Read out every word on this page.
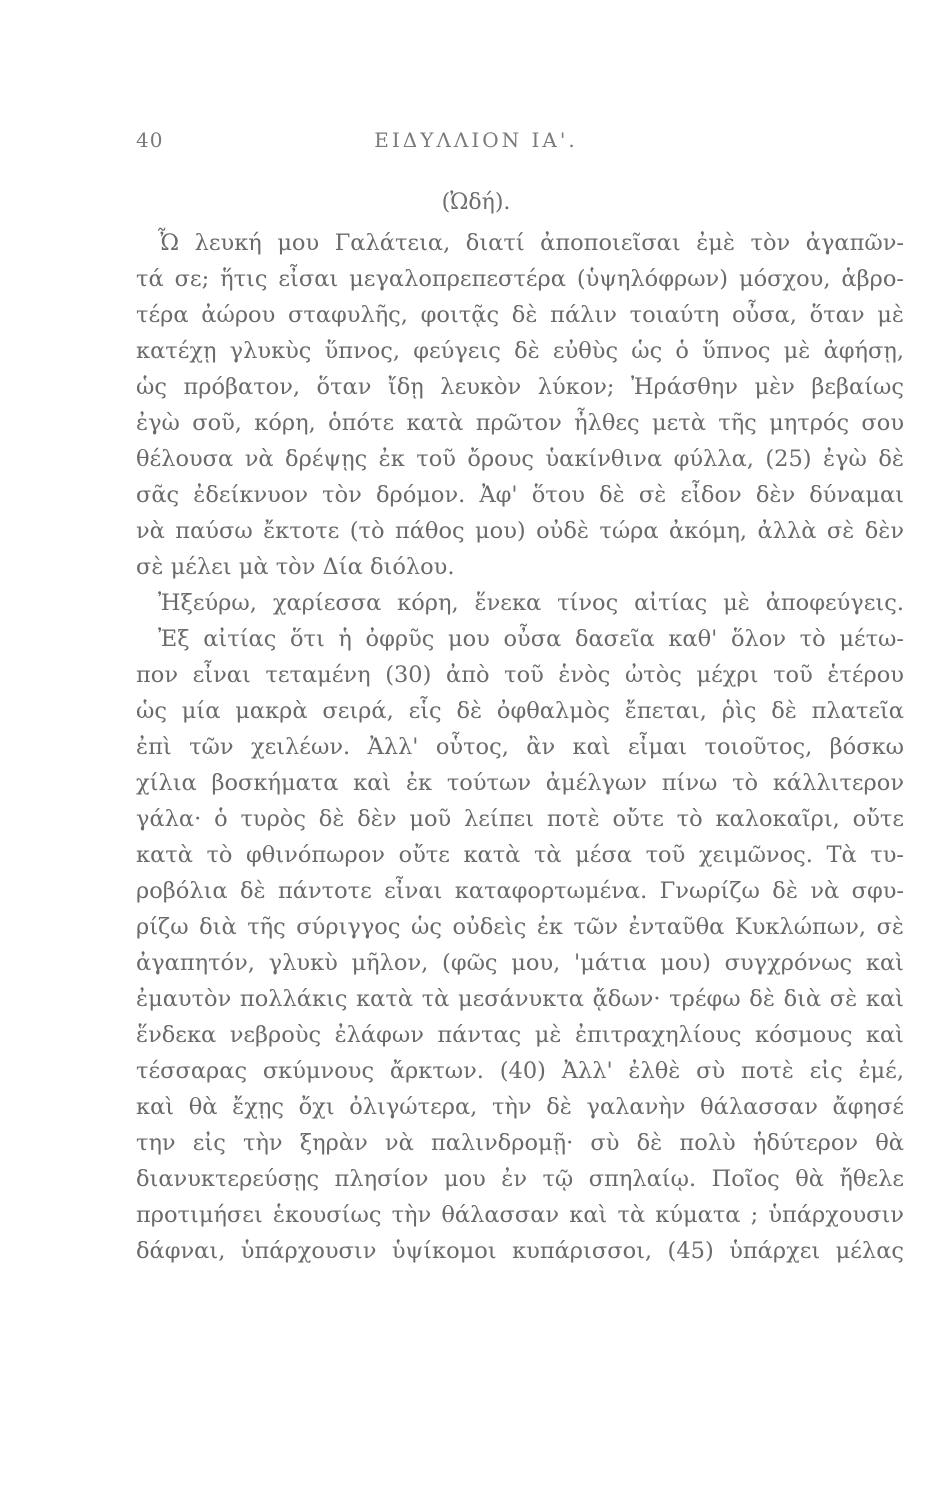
40	ΕΙΔΥΛΛΙΟΝ ΙΑ'.
(Ὠδή).
Ὦ λευκή μου Γαλάτεια, διατί ἀποποιεῖσαι ἐμὲ τὸν ἀγαπῶν-
τά σε; ἥτις εἶσαι μεγαλοπρεπεστέρα (ὑψηλόφρων) μόσχου, ἁβρο-
τέρα ἀώρου σταφυλῆς, φοιτᾷς δὲ πάλιν τοιαύτη οὖσα, ὅταν μὲ
κατέχῃ γλυκὺς ὕπνος, φεύγεις δὲ εὐθὺς ὡς ὁ ὕπνος μὲ ἀφήσῃ,
ὡς πρόβατον, ὅταν ἴδῃ λευκὸν λύκον; Ἠράσθην μὲν βεβαίως
ἐγὼ σοῦ, κόρη, ὁπότε κατὰ πρῶτον ἦλθες μετὰ τῆς μητρός σου
θέλουσα νὰ δρέψῃς ἐκ τοῦ ὄρους ὑακίνθινα φύλλα, (25) ἐγὼ δὲ
σᾶς ἐδείκνυον τὸν δρόμον. Ἀφ' ὅτου δὲ σὲ εἶδον δὲν δύναμαι
νὰ παύσω ἔκτοτε (τὸ πάθος μου) οὐδὲ τώρα ἀκόμη, ἀλλὰ σὲ δὲν
σὲ μέλει μὰ τὸν Δία διόλου.
Ἠξεύρω, χαρίεσσα κόρη, ἕνεκα τίνος αἰτίας μὲ ἀποφεύγεις.
Ἐξ αἰτίας ὅτι ἡ ὀφρῦς μου οὖσα δασεῖα καθ' ὅλον τὸ μέτω-
πον εἶναι τεταμένη (30) ἀπὸ τοῦ ἑνὸς ὠτὸς μέχρι τοῦ ἑτέρου
ὡς μία μακρὰ σειρά, εἷς δὲ ὀφθαλμὸς ἔπεται, ῥὶς δὲ πλατεῖα
ἐπὶ τῶν χειλέων. Ἀλλ' οὗτος, ἂν καὶ εἶμαι τοιοῦτος, βόσκω
χίλια βοσκήματα καὶ ἐκ τούτων ἀμέλγων πίνω τὸ κάλλιτερον
γάλα· ὁ τυρὸς δὲ δὲν μοῦ λείπει ποτὲ οὔτε τὸ καλοκαῖρι, οὔτε
κατὰ τὸ φθινόπωρον οὔτε κατὰ τὰ μέσα τοῦ χειμῶνος. Τὰ τυ-
ροβόλια δὲ πάντοτε εἶναι καταφορτωμένα. Γνωρίζω δὲ νὰ σφυ-
ρίζω διὰ τῆς σύριγγος ὡς οὐδεὶς ἐκ τῶν ἐνταῦθα Κυκλώπων, σὲ
ἀγαπητόν, γλυκὺ μῆλον, (φῶς μου, 'μάτια μου) συγχρόνως καὶ
ἐμαυτὸν πολλάκις κατὰ τὰ μεσάνυκτα ᾄδων· τρέφω δὲ διὰ σὲ καὶ
ἕνδεκα νεβροὺς ἐλάφων πάντας μὲ ἐπιτραχηλίους κόσμους καὶ
τέσσαρας σκύμνους ἄρκτων. (40) Ἀλλ' ἐλθὲ σὺ ποτὲ εἰς ἐμέ,
καὶ θὰ ἔχῃς ὄχι ὀλιγώτερα, τὴν δὲ γαλανὴν θάλασσαν ἄφησέ
την εἰς τὴν ξηρὰν νὰ παλινδρομῇ· σὺ δὲ πολὺ ἡδύτερον θὰ
διανυκτερεύσῃς πλησίον μου ἐν τῷ σπηλαίῳ. Ποῖος θὰ ἤθελε
προτιμήσει ἑκουσίως τὴν θάλασσαν καὶ τὰ κύματα ; ὑπάρχουσιν
δάφναι, ὑπάρχουσιν ὑψίκομοι κυπάρισσοι, (45) ὑπάρχει μέλας
